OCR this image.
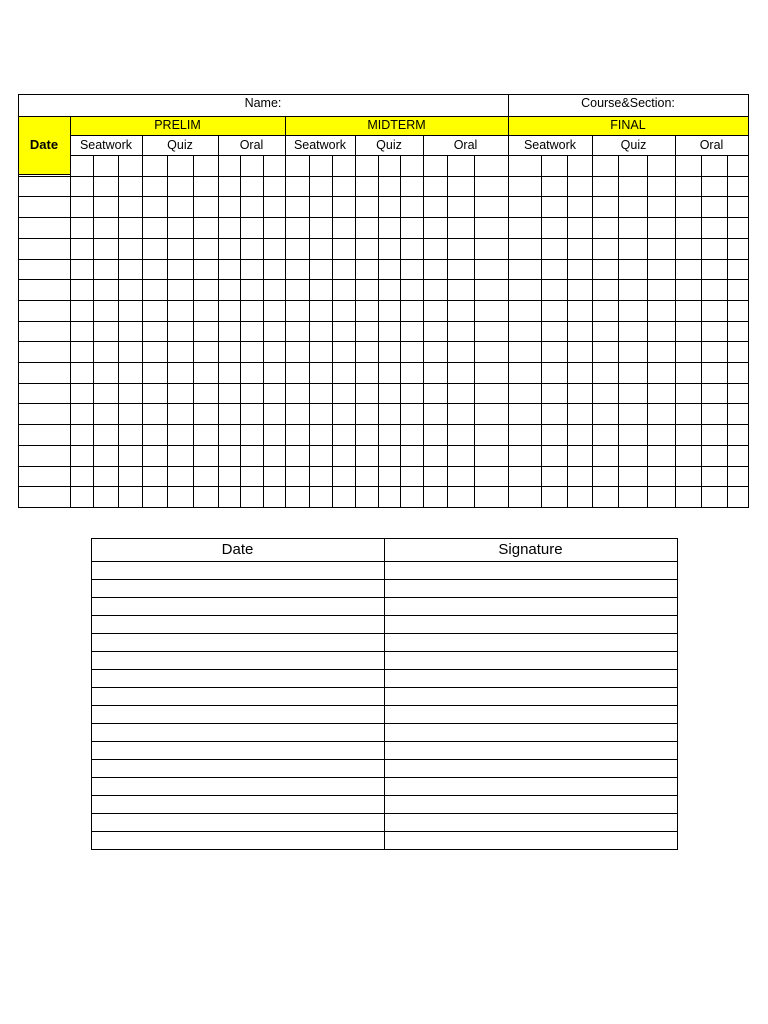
Name:	Course&Section:
Date
PRELIM	MIDTERM	FINAL
Seatwork	Quiz	Oral	Seatwork	Quiz	Oral	Seatwork	Quiz	Oral
Date	Signature
